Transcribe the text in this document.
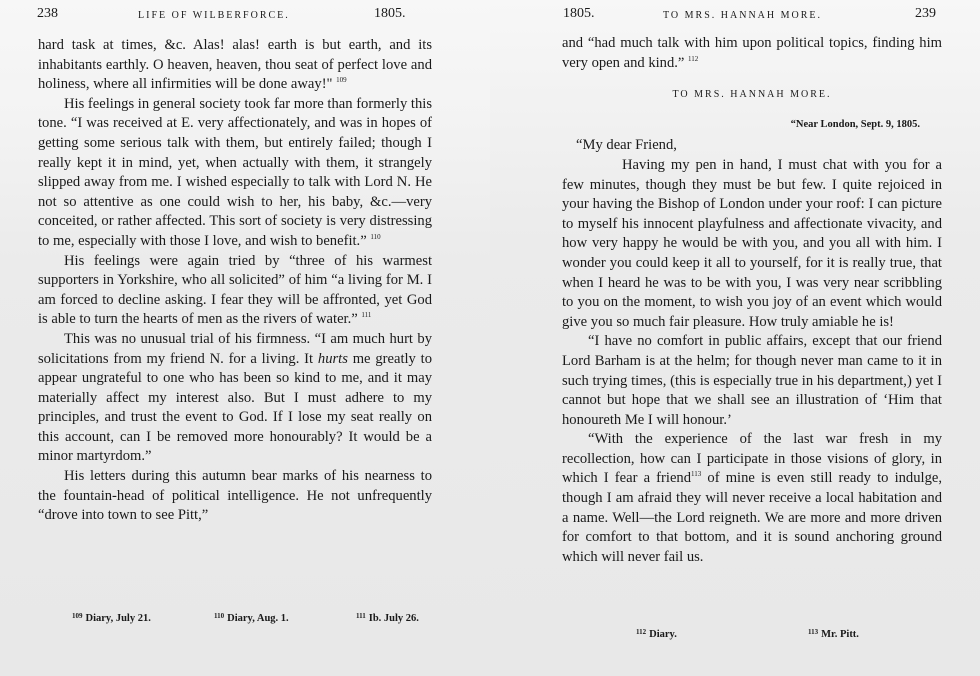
238	LIFE OF WILBERFORCE.	1805.

hard task at times, &c. Alas! alas! earth is but earth, and its inhabitants earthly. O heaven, heaven, thou seat of perfect love and holiness, where all infirmities will be done away!" $^{109}$

His feelings in general society took far more than formerly this tone. “I was received at E. very affectionately, and was in hopes of getting some serious talk with them, but entirely failed; though I really kept it in mind, yet, when actually with them, it strangely slipped away from me. I wished especially to talk with Lord N. He not so attentive as one could wish to her, his baby, &c.—very conceited, or rather affected. This sort of society is very distressing to me, especially with those I love, and wish to benefit.” $^{110}$

His feelings were again tried by “three of his warmest supporters in Yorkshire, who all solicited” of him “a living for M. I am forced to decline asking. I fear they will be affronted, yet God is able to turn the hearts of men as the rivers of water.” $^{111}$

This was no unusual trial of his firmness. “I am much hurt by solicitations from my friend N. for a living. It hurts me greatly to appear ungrateful to one who has been so kind to me, and it may materially affect my interest also. But I must adhere to my principles, and trust the event to God. If I lose my seat really on this account, can I be removed more honourably? It would be a minor martyrdom.”

His letters during this autumn bear marks of his nearness to the fountain-head of political intelligence. He not unfrequently “drove into town to see Pitt,”

$^{109}$ Diary, July 21.	$^{110}$ Diary, Aug. 1.	$^{111}$ Ib. July 26.
1805.	TO MRS. HANNAH MORE.	239

and “had much talk with him upon political topics, finding him very open and kind.” $^{112}$

TO MRS. HANNAH MORE.

“Near London, Sept. 9, 1805.

“My dear Friend,

Having my pen in hand, I must chat with you for a few minutes, though they must be but few. I quite rejoiced in your having the Bishop of London under your roof: I can picture to myself his innocent playfulness and affectionate vivacity, and how very happy he would be with you, and you all with him. I wonder you could keep it all to yourself, for it is really true, that when I heard he was to be with you, I was very near scribbling to you on the moment, to wish you joy of an event which would give you so much fair pleasure. How truly amiable he is!

“I have no comfort in public affairs, except that our friend Lord Barham is at the helm; for though never man came to it in such trying times, (this is especially true in his department,) yet I cannot but hope that we shall see an illustration of ‘Him that honoureth Me I will honour.’

“With the experience of the last war fresh in my recollection, how can I participate in those visions of glory, in which I fear a friend$^{113}$ of mine is even still ready to indulge, though I am afraid they will never receive a local habitation and a name. Well—the Lord reigneth. We are more and more driven for comfort to that bottom, and it is sound anchoring ground which will never fail us.

$^{112}$ Diary.	$^{113}$ Mr. Pitt.
